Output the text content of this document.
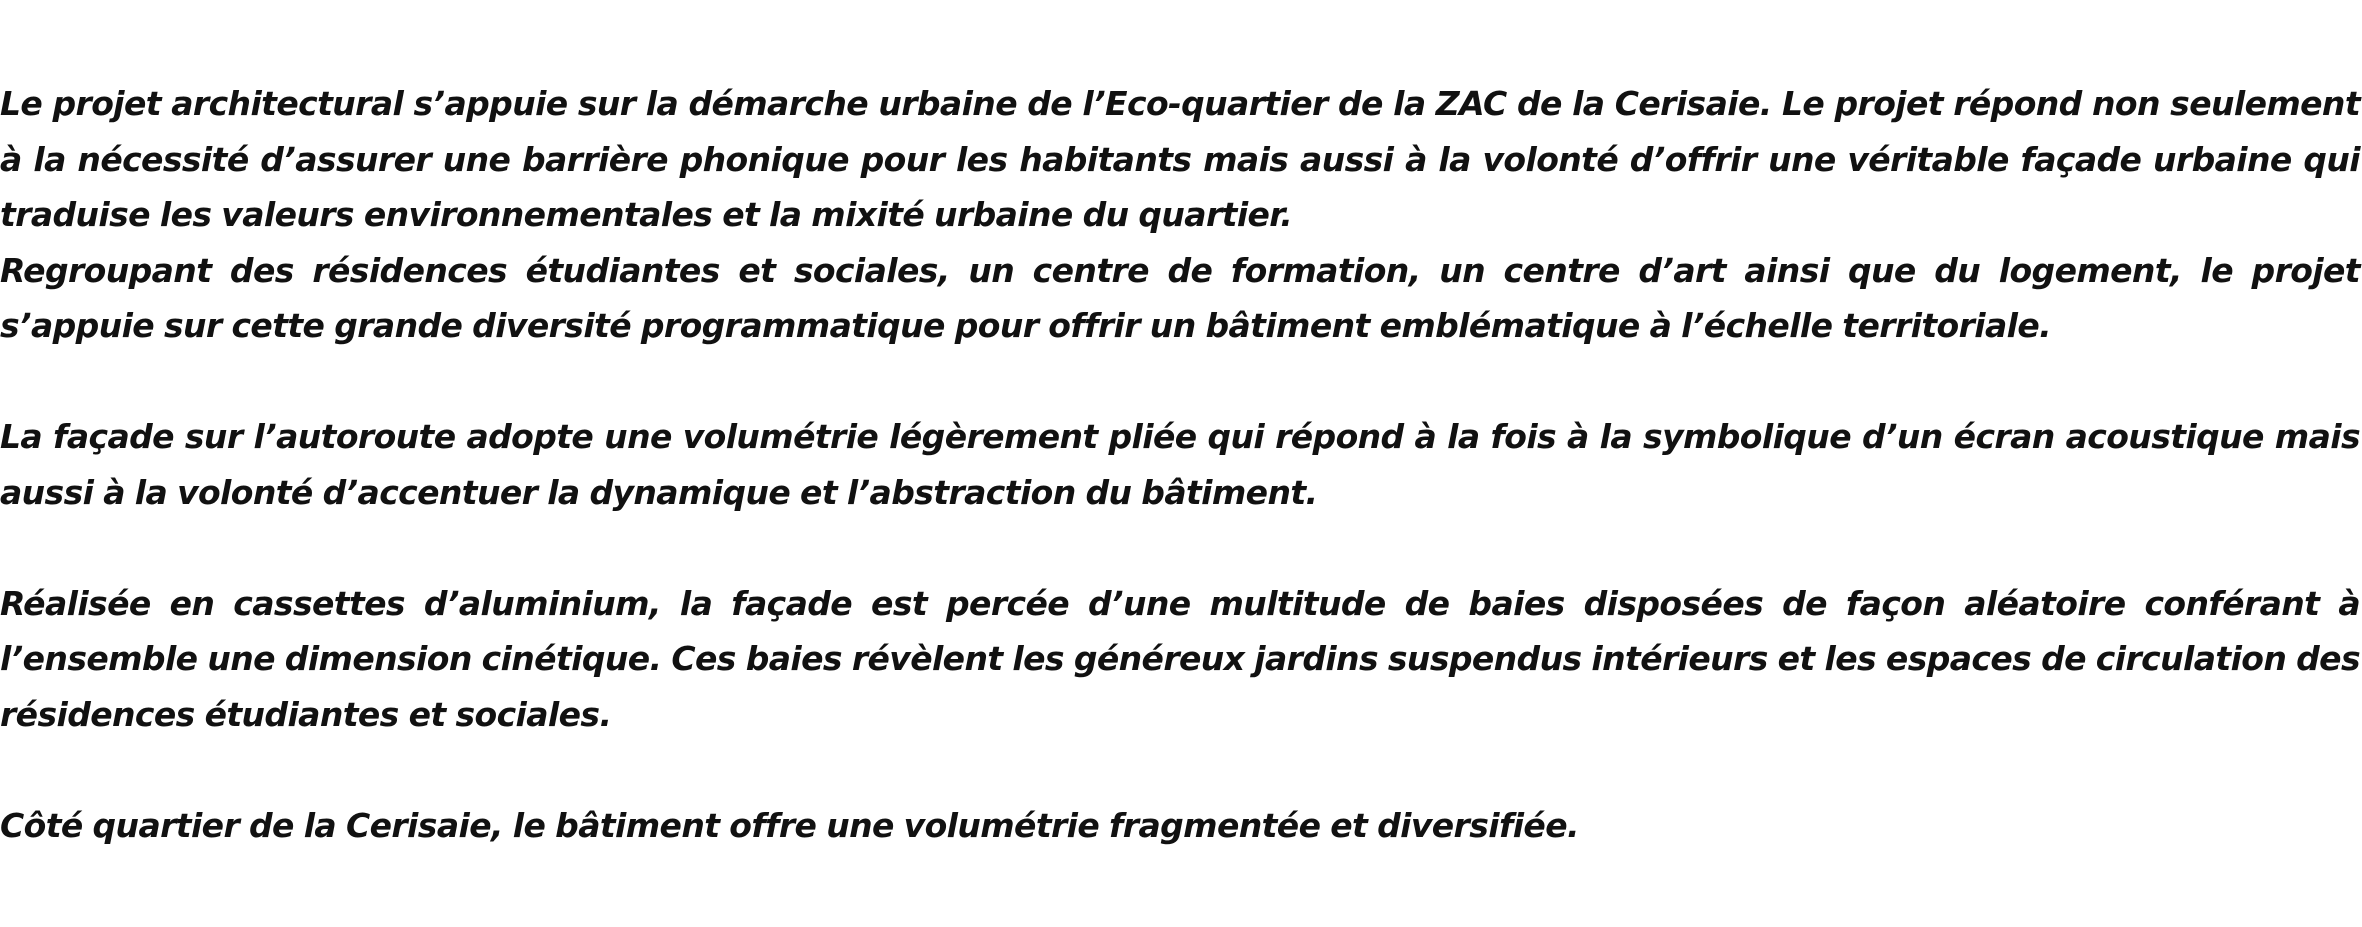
Le projet architectural s’appuie sur la démarche urbaine de l’Eco-quartier de la ZAC de la Cerisaie. Le projet répond non seulement à la nécessité d’assurer une barrière phonique pour les habitants mais aussi à la volonté d’offrir une véritable façade urbaine qui traduise les valeurs environnementales et la mixité urbaine du quartier.

Regroupant des résidences étudiantes et sociales, un centre de formation, un centre d’art ainsi que du logement, le projet s’appuie sur cette grande diversité programmatique pour offrir un bâtiment emblématique à l’échelle territoriale.

La façade sur l’autoroute adopte une volumétrie légèrement pliée qui répond à la fois à la symbolique d’un écran acoustique mais aussi à la volonté d’accentuer la dynamique et l’abstraction du bâtiment.

Réalisée en cassettes d’aluminium, la façade est percée d’une multitude de baies disposées de façon aléatoire conférant à l’ensemble une dimension cinétique. Ces baies révèlent les généreux jardins suspendus intérieurs et les espaces de circulation des résidences étudiantes et sociales.

Côté quartier de la Cerisaie, le bâtiment offre une volumétrie fragmentée et diversifiée.
